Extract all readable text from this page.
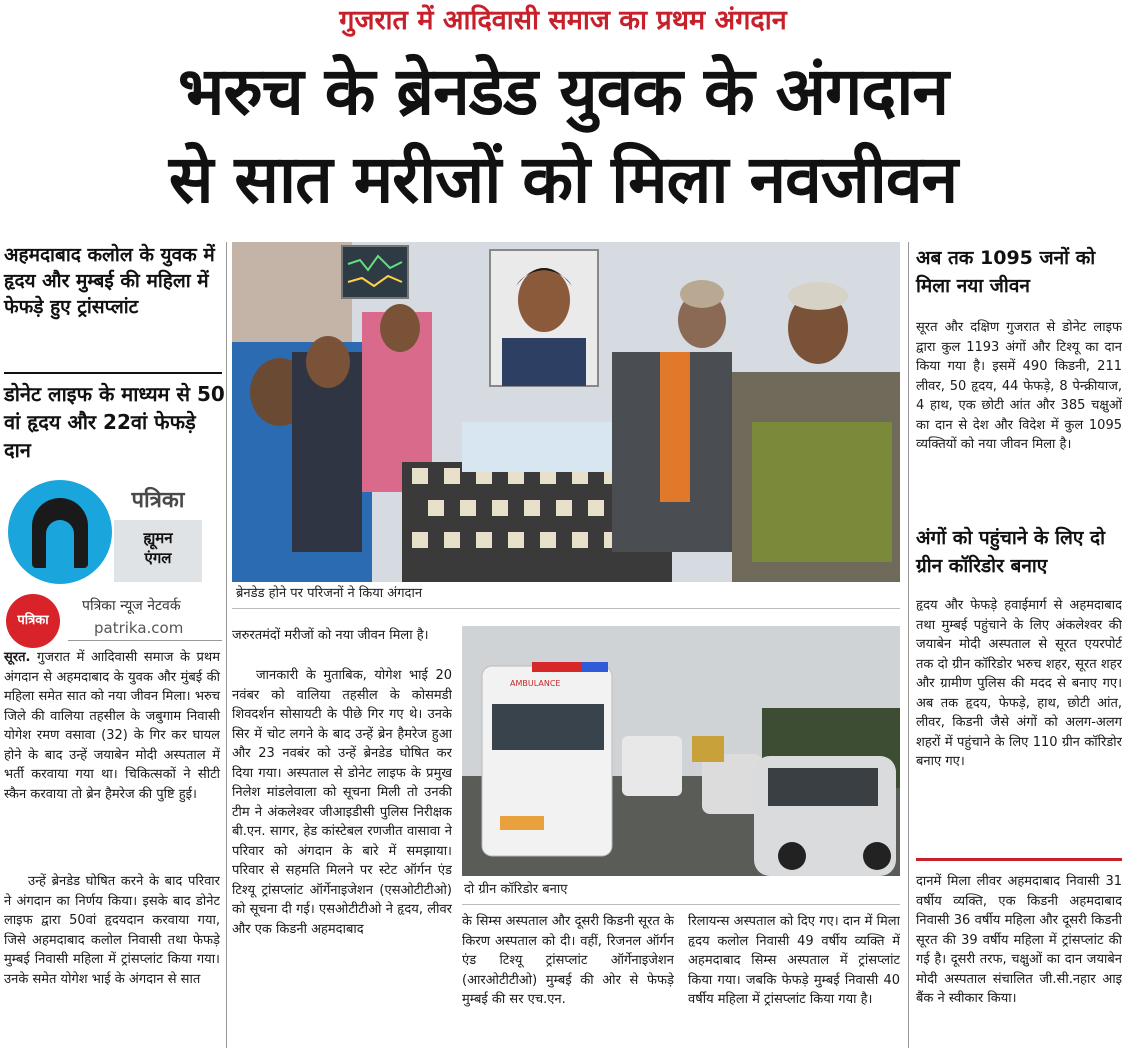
गुजरात में आदिवासी समाज का प्रथम अंगदान
भरुच के ब्रेनडेड युवक के अंगदान
से सात मरीजों को मिला नवजीवन
अहमदाबाद कलोल के युवक में हृदय और मुम्बई की महिला में फेफड़े हुए ट्रांसप्लांट
डोनेट लाइफ के माध्यम से 50 वां हृदय और 22वां फेफड़े दान
पत्रिका
ह्यूमन
एंगल
पत्रिका
पत्रिका न्यूज नेटवर्क
patrika.com
सूरत. गुजरात में आदिवासी समाज के प्रथम अंगदान से अहमदाबाद के युवक और मुंबई की महिला समेत सात को नया जीवन मिला। भरुच जिले की वालिया तहसील के जबुगाम निवासी योगेश रमण वसावा (32) के गिर कर घायल होने के बाद उन्हें जयाबेन मोदी अस्पताल में भर्ती करवाया गया था। चिकित्सकों ने सीटी स्कैन करवाया तो ब्रेन हैमरेज की पुष्टि हुई।
उन्हें ब्रेनडेड घोषित करने के बाद परिवार ने अंगदान का निर्णय किया। इसके बाद डोनेट लाइफ द्वारा 50वां हृदयदान करवाया गया, जिसे अहमदाबाद कलोल निवासी तथा फेफड़े मुम्बई निवासी महिला में ट्रांसप्लांट किया गया। उनके समेत योगेश भाई के अंगदान से सात
ब्रेनडेड होने पर परिजनों ने किया अंगदान
जरुरतमंदों मरीजों को नया जीवन मिला है।
जानकारी के मुताबिक, योगेश भाई 20 नवंबर को वालिया तहसील के कोसमडी शिवदर्शन सोसायटी के पीछे गिर गए थे। उनके सिर में चोट लगने के बाद उन्हें ब्रेन हैमरेज हुआ और 23 नवबंर को उन्हें ब्रेनडेड घोषित कर दिया गया। अस्पताल से डोनेट लाइफ के प्रमुख निलेश मांडलेवाला को सूचना मिली तो उनकी टीम ने अंकलेश्वर जीआइडीसी पुलिस निरीक्षक बी.एन. सागर, हेड कांस्टेबल रणजीत वासावा ने परिवार को अंगदान के बारे में समझाया। परिवार से सहमति मिलने पर स्टेट ऑर्गन एंड टिश्यू ट्रांसप्लांट ऑर्गेनाइजेशन (एसओटीटीओ) को सूचना दी गई। एसओटीटीओ ने हृदय, लीवर और एक किडनी अहमदाबाद
AMBULANCE
दो ग्रीन कॉरिडोर बनाए
के सिम्स अस्पताल और दूसरी किडनी सूरत के किरण अस्पताल को दी। वहीं, रिजनल ऑर्गन एंड टिश्यू ट्रांसप्लांट ऑर्गेनाइजेशन (आरओटीटीओ) मुम्बई की ओर से फेफड़े मुम्बई की सर एच.एन.
रिलायन्स अस्पताल को दिए गए। दान में मिला हृदय कलोल निवासी 49 वर्षीय व्यक्ति में अहमदाबाद सिम्स अस्पताल में ट्रांसप्लांट किया गया। जबकि फेफड़े मुम्बई निवासी 40 वर्षीय महिला में ट्रांसप्लांट किया गया है।
अब तक 1095 जनों को मिला नया जीवन
सूरत और दक्षिण गुजरात से डोनेट लाइफ द्वारा कुल 1193 अंगों और टिश्यू का दान किया गया है। इसमें 490 किडनी, 211 लीवर, 50 हृदय, 44 फेफड़े, 8 पेन्क्रीयाज, 4 हाथ, एक छोटी आंत और 385 चक्षुओं का दान से देश और विदेश में कुल 1095 व्यक्तियों को नया जीवन मिला है।
अंगों को पहुंचाने के लिए दो ग्रीन कॉरिडोर बनाए
हृदय और फेफड़े हवाईमार्ग से अहमदाबाद तथा मुम्बई पहुंचाने के लिए अंकलेश्वर की जयाबेन मोदी अस्पताल से सूरत एयरपोर्ट तक दो ग्रीन कॉरिडोर भरुच शहर, सूरत शहर और ग्रामीण पुलिस की मदद से बनाए गए। अब तक हृदय, फेफड़े, हाथ, छोटी आंत, लीवर, किडनी जैसे अंगों को अलग-अलग शहरों में पहुंचाने के लिए 110 ग्रीन कॉरिडोर बनाए गए।
दानमें मिला लीवर अहमदाबाद निवासी 31 वर्षीय व्यक्ति, एक किडनी अहमदाबाद निवासी 36 वर्षीय महिला और दूसरी किडनी सूरत की 39 वर्षीय महिला में ट्रांसप्लांट की गई है। दूसरी तरफ, चक्षुओं का दान जयाबेन मोदी अस्पताल संचालित जी.सी.नहार आइ बैंक ने स्वीकार किया।
